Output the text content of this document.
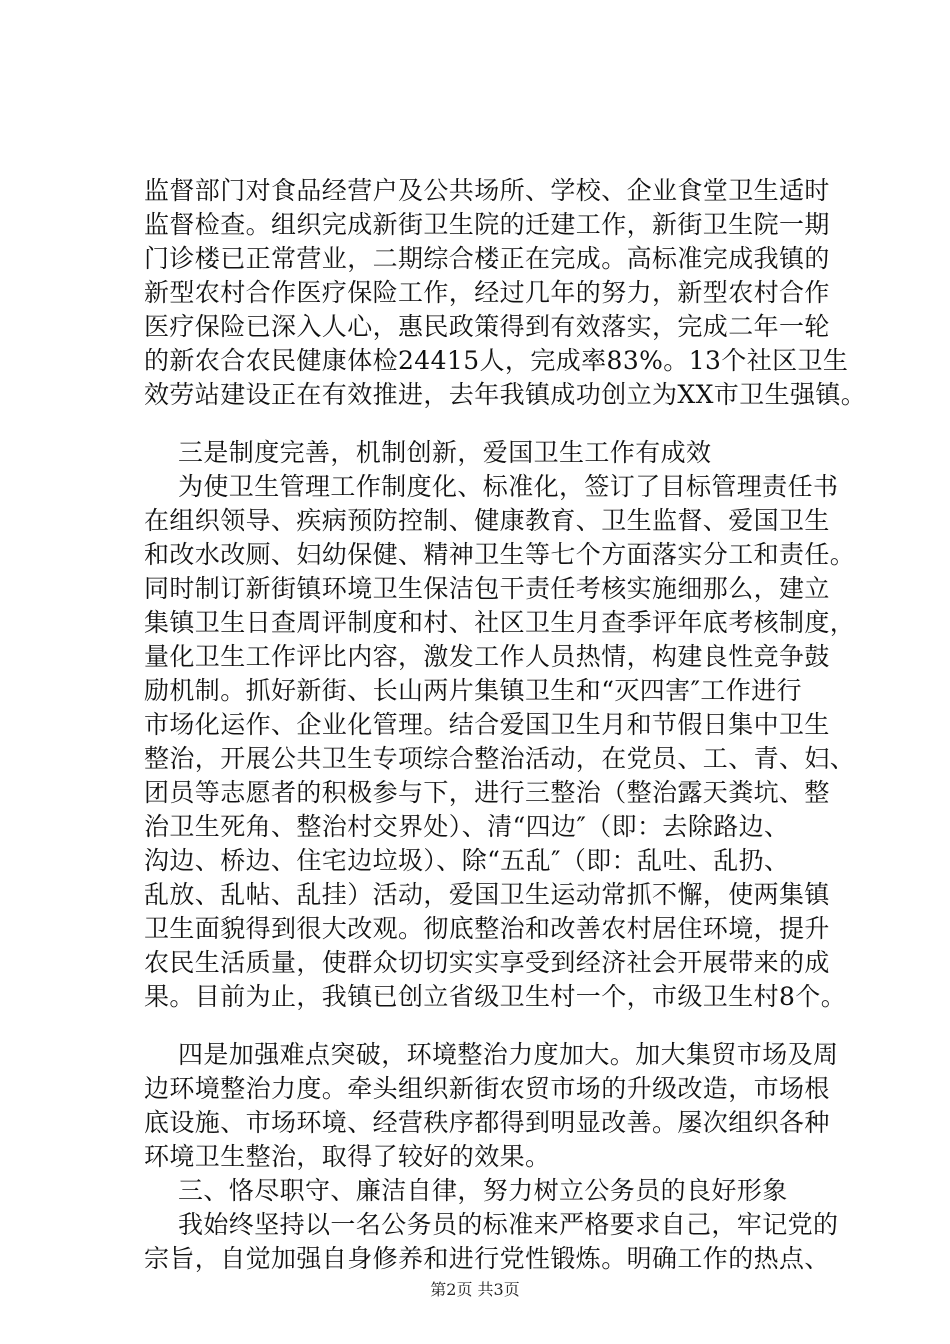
监督部门对食品经营户及公共场所、学校、企业食堂卫生适时
监督检查。组织完成新街卫生院的迁建工作，新街卫生院一期
门诊楼已正常营业，二期综合楼正在完成。高标准完成我镇的
新型农村合作医疗保险工作，经过几年的努力，新型农村合作
医疗保险已深入人心，惠民政策得到有效落实，完成二年一轮
的新农合农民健康体检24415人，完成率83%。13个社区卫生
效劳站建设正在有效推进，去年我镇成功创立为XX市卫生强镇。
三是制度完善，机制创新，爱国卫生工作有成效
为使卫生管理工作制度化、标准化，签订了目标管理责任书
在组织领导、疾病预防控制、健康教育、卫生监督、爱国卫生
和改水改厕、妇幼保健、精神卫生等七个方面落实分工和责任。
同时制订新街镇环境卫生保洁包干责任考核实施细那么，建立
集镇卫生日查周评制度和村、社区卫生月查季评年底考核制度，
量化卫生工作评比内容，激发工作人员热情，构建良性竞争鼓
励机制。抓好新街、长山两片集镇卫生和“灭四害″工作进行
市场化运作、企业化管理。结合爱国卫生月和节假日集中卫生
整治，开展公共卫生专项综合整治活动，在党员、工、青、妇、
团员等志愿者的积极参与下，进行三整治（整治露天粪坑、整
治卫生死角、整治村交界处）、清“四边″（即：去除路边、
沟边、桥边、住宅边垃圾）、除“五乱″（即：乱吐、乱扔、
乱放、乱帖、乱挂）活动，爱国卫生运动常抓不懈，使两集镇
卫生面貌得到很大改观。彻底整治和改善农村居住环境，提升
农民生活质量，使群众切切实实享受到经济社会开展带来的成
果。目前为止，我镇已创立省级卫生村一个，市级卫生村8个。
四是加强难点突破，环境整治力度加大。加大集贸市场及周
边环境整治力度。牵头组织新街农贸市场的升级改造，市场根
底设施、市场环境、经营秩序都得到明显改善。屡次组织各种
环境卫生整治，取得了较好的效果。
三、恪尽职守、廉洁自律，努力树立公务员的良好形象
我始终坚持以一名公务员的标准来严格要求自己，牢记党的
宗旨，自觉加强自身修养和进行党性锻炼。明确工作的热点、
第2页 共3页
